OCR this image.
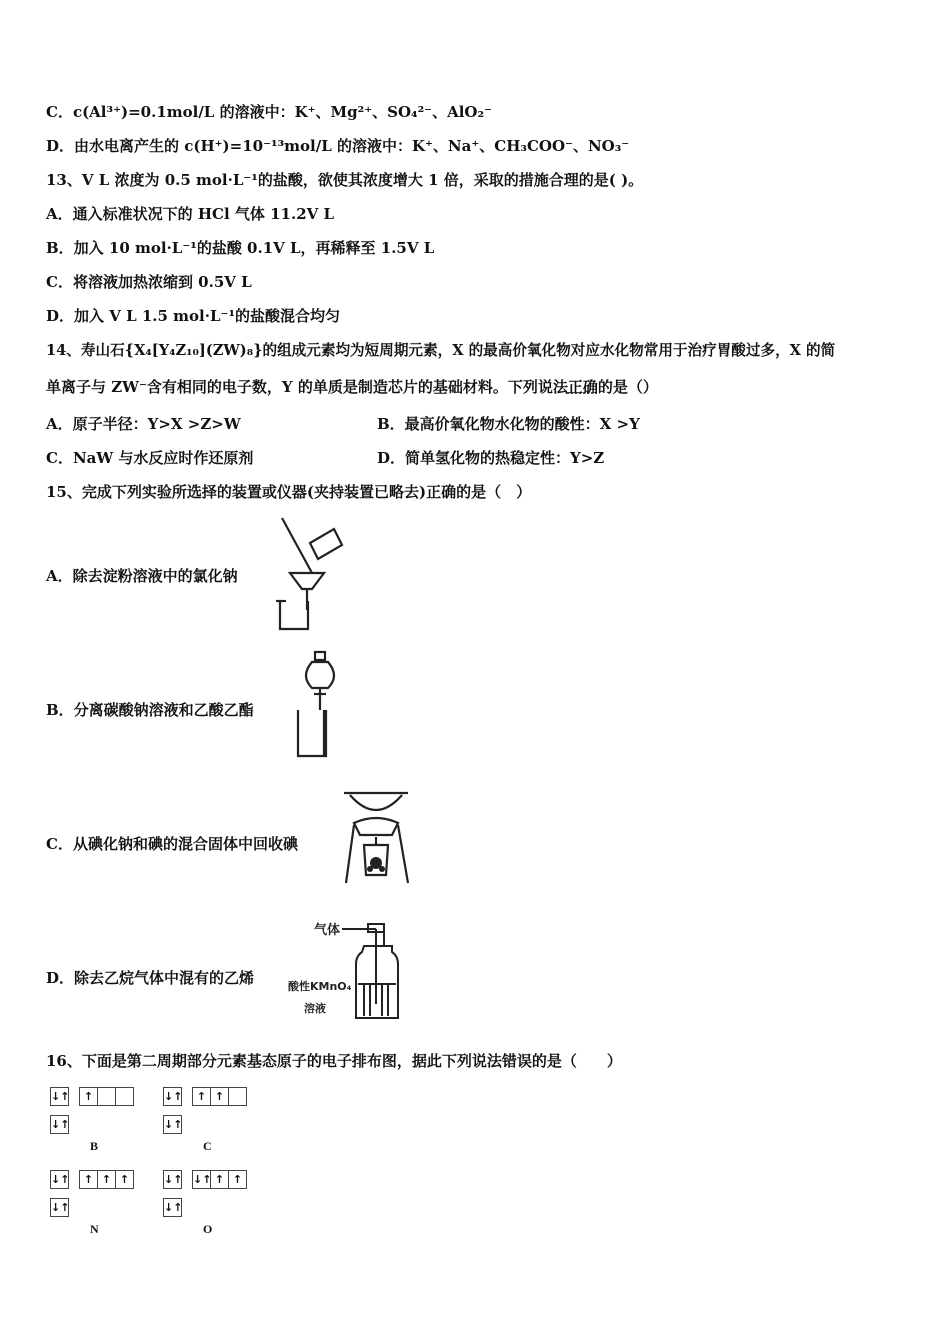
C．c(Al³⁺)=0.1mol/L 的溶液中：K⁺、Mg²⁺、SO₄²⁻、AlO₂⁻
D．由水电离产生的 c(H⁺)=10⁻¹³mol/L 的溶液中：K⁺、Na⁺、CH₃COO⁻、NO₃⁻
13、V L 浓度为 0.5 mol·L⁻¹的盐酸，欲使其浓度增大 1 倍，采取的措施合理的是( )。
A．通入标准状况下的 HCl 气体 11.2V L
B．加入 10 mol·L⁻¹的盐酸 0.1V L，再稀释至 1.5V L
C．将溶液加热浓缩到 0.5V L
D．加入 V L 1.5 mol·L⁻¹的盐酸混合均匀
14、寿山石{X₄[Y₄Z₁₀](ZW)₈}的组成元素均为短周期元素，X 的最高价氧化物对应水化物常用于治疗胃酸过多，X 的简
单离子与 ZW⁻含有相同的电子数，Y 的单质是制造芯片的基础材料。下列说法正确的是（）
A．原子半径：Y>X >Z>W	B．最高价氧化物水化物的酸性：X >Y
C．NaW 与水反应时作还原剂	D．简单氢化物的热稳定性：Y>Z
15、完成下列实验所选择的装置或仪器(夹持装置已略去)正确的是（　）
A．除去淀粉溶液中的氯化钠
B．分离碳酸钠溶液和乙酸乙酯
C．从碘化钠和碘的混合固体中回收碘
D．除去乙烷气体中混有的乙烯
气体
酸性KMnO₄
溶液
16、下面是第二周期部分元素基态原子的电子排布图，据此下列说法错误的是（　　）
↓↑	↑
↓↑
B
↓↑	↑ ↑
↓↑
C
↓↑	↑ ↑ ↑
↓↑
N
↓↑ ↓↑ ↑ ↑
↓↑
O
